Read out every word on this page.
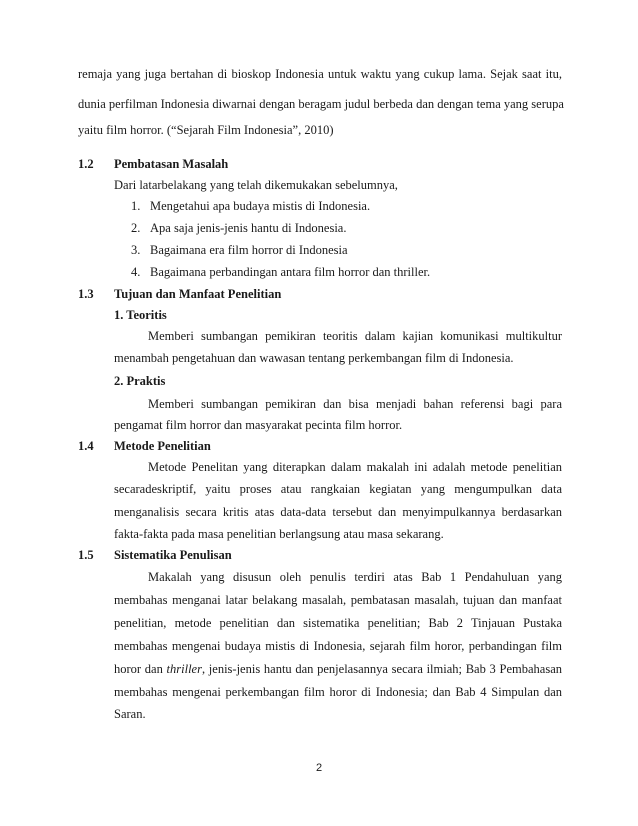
remaja yang juga bertahan di bioskop Indonesia untuk waktu yang cukup lama. Sejak saat itu,
dunia perfilman Indonesia diwarnai dengan beragam judul berbeda dan dengan tema yang serupa
yaitu film horror. (“Sejarah Film Indonesia”, 2010)
1.2 Pembatasan Masalah
Dari latarbelakang yang telah dikemukakan sebelumnya,
1. Mengetahui apa budaya mistis di Indonesia.
2. Apa saja jenis-jenis hantu di Indonesia.
3. Bagaimana era film horror di Indonesia
4. Bagaimana perbandingan antara film horror dan thriller.
1.3 Tujuan dan Manfaat Penelitian
1. Teoritis
Memberi sumbangan pemikiran teoritis dalam kajian komunikasi multikultur
menambah pengetahuan dan wawasan tentang perkembangan film di Indonesia.
2. Praktis
Memberi sumbangan pemikiran dan bisa menjadi bahan referensi bagi para
pengamat film horror dan masyarakat pecinta film horror.
1.4 Metode Penelitian
Metode Penelitan yang diterapkan dalam makalah ini adalah metode penelitian
secaradeskriptif, yaitu proses atau rangkaian kegiatan yang mengumpulkan data
menganalisis secara kritis atas data-data tersebut dan menyimpulkannya berdasarkan
fakta-fakta pada masa penelitian berlangsung atau masa sekarang.
1.5 Sistematika Penulisan
Makalah yang disusun oleh penulis terdiri atas Bab 1 Pendahuluan yang
membahas menganai latar belakang masalah, pembatasan masalah, tujuan dan manfaat
penelitian, metode penelitian dan sistematika penelitian; Bab 2 Tinjauan Pustaka
membahas mengenai budaya mistis di Indonesia, sejarah film horor, perbandingan film
horor dan thriller, jenis-jenis hantu dan penjelasannya secara ilmiah; Bab 3 Pembahasan
membahas mengenai perkembangan film horor di Indonesia; dan Bab 4 Simpulan dan
Saran.
2
